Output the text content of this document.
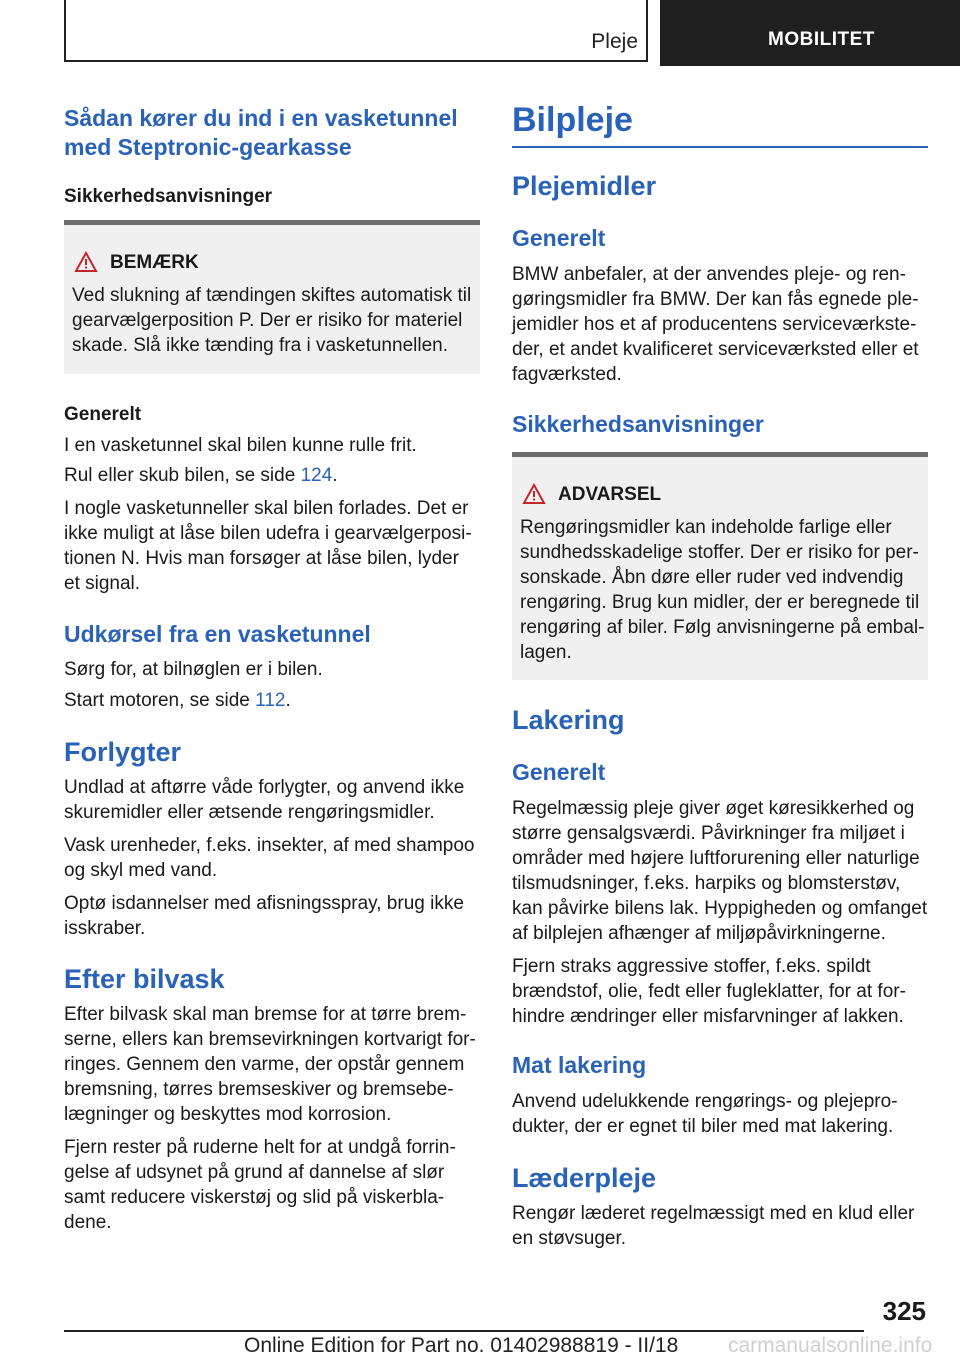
Pleje	MOBILITET
Sådan kører du ind i en vasketunnel med Steptronic-gearkasse
Sikkerhedsanvisninger
BEMÆRK
Ved slukning af tændingen skiftes automatisk til gearvælgerposition P. Der er risiko for materiel skade. Slå ikke tænding fra i vasketunnellen.
Generelt
I en vasketunnel skal bilen kunne rulle frit.
Rul eller skub bilen, se side 124.
I nogle vasketunneller skal bilen forlades. Det er ikke muligt at låse bilen udefra i gearvælgerposi-tionen N. Hvis man forsøger at låse bilen, lyder et signal.
Udkørsel fra en vasketunnel
Sørg for, at bilnøglen er i bilen.
Start motoren, se side 112.
Forlygter
Undlad at aftørre våde forlygter, og anvend ikke skuremidler eller ætsende rengøringsmidler.
Vask urenheder, f.eks. insekter, af med shampoo og skyl med vand.
Optø isdannelser med afisningsspray, brug ikke isskraber.
Efter bilvask
Efter bilvask skal man bremse for at tørre brem-serne, ellers kan bremsevirkningen kortvarigt for-ringes. Gennem den varme, der opstår gennem bremsning, tørres bremseskiver og bremsebe-lægninger og beskyttes mod korrosion.
Fjern rester på ruderne helt for at undgå forrin-gelse af udsynet på grund af dannelse af slør samt reducere viskerstøj og slid på viskerbla-dene.
Bilpleje
Plejemidler
Generelt
BMW anbefaler, at der anvendes pleje- og ren-gøringsmidler fra BMW. Der kan fås egnede ple-jemidler hos et af producentens serviceværkste-der, et andet kvalificeret serviceværksted eller et fagværksted.
Sikkerhedsanvisninger
ADVARSEL
Rengøringsmidler kan indeholde farlige eller sundhedsskadelige stoffer. Der er risiko for per-sonskade. Åbn døre eller ruder ved indvendig rengøring. Brug kun midler, der er beregnede til rengøring af biler. Følg anvisningerne på embal-lagen.
Lakering
Generelt
Regelmæssig pleje giver øget køresikkerhed og større gensalgsværdi. Påvirkninger fra miljøet i områder med højere luftforurening eller naturlige tilsmudsninger, f.eks. harpiks og blomsterstøv, kan påvirke bilens lak. Hyppigheden og omfanget af bilplejen afhænger af miljøpåvirkningerne.
Fjern straks aggressive stoffer, f.eks. spildt brændstof, olie, fedt eller fugleklatter, for at for-hindre ændringer eller misfarvninger af lakken.
Mat lakering
Anvend udelukkende rengørings- og plejepro-dukter, der er egnet til biler med mat lakering.
Læderpleje
Rengør læderet regelmæssigt med en klud eller en støvsuger.
325
Online Edition for Part no. 01402988819 - II/18 carmanualsonline.info
